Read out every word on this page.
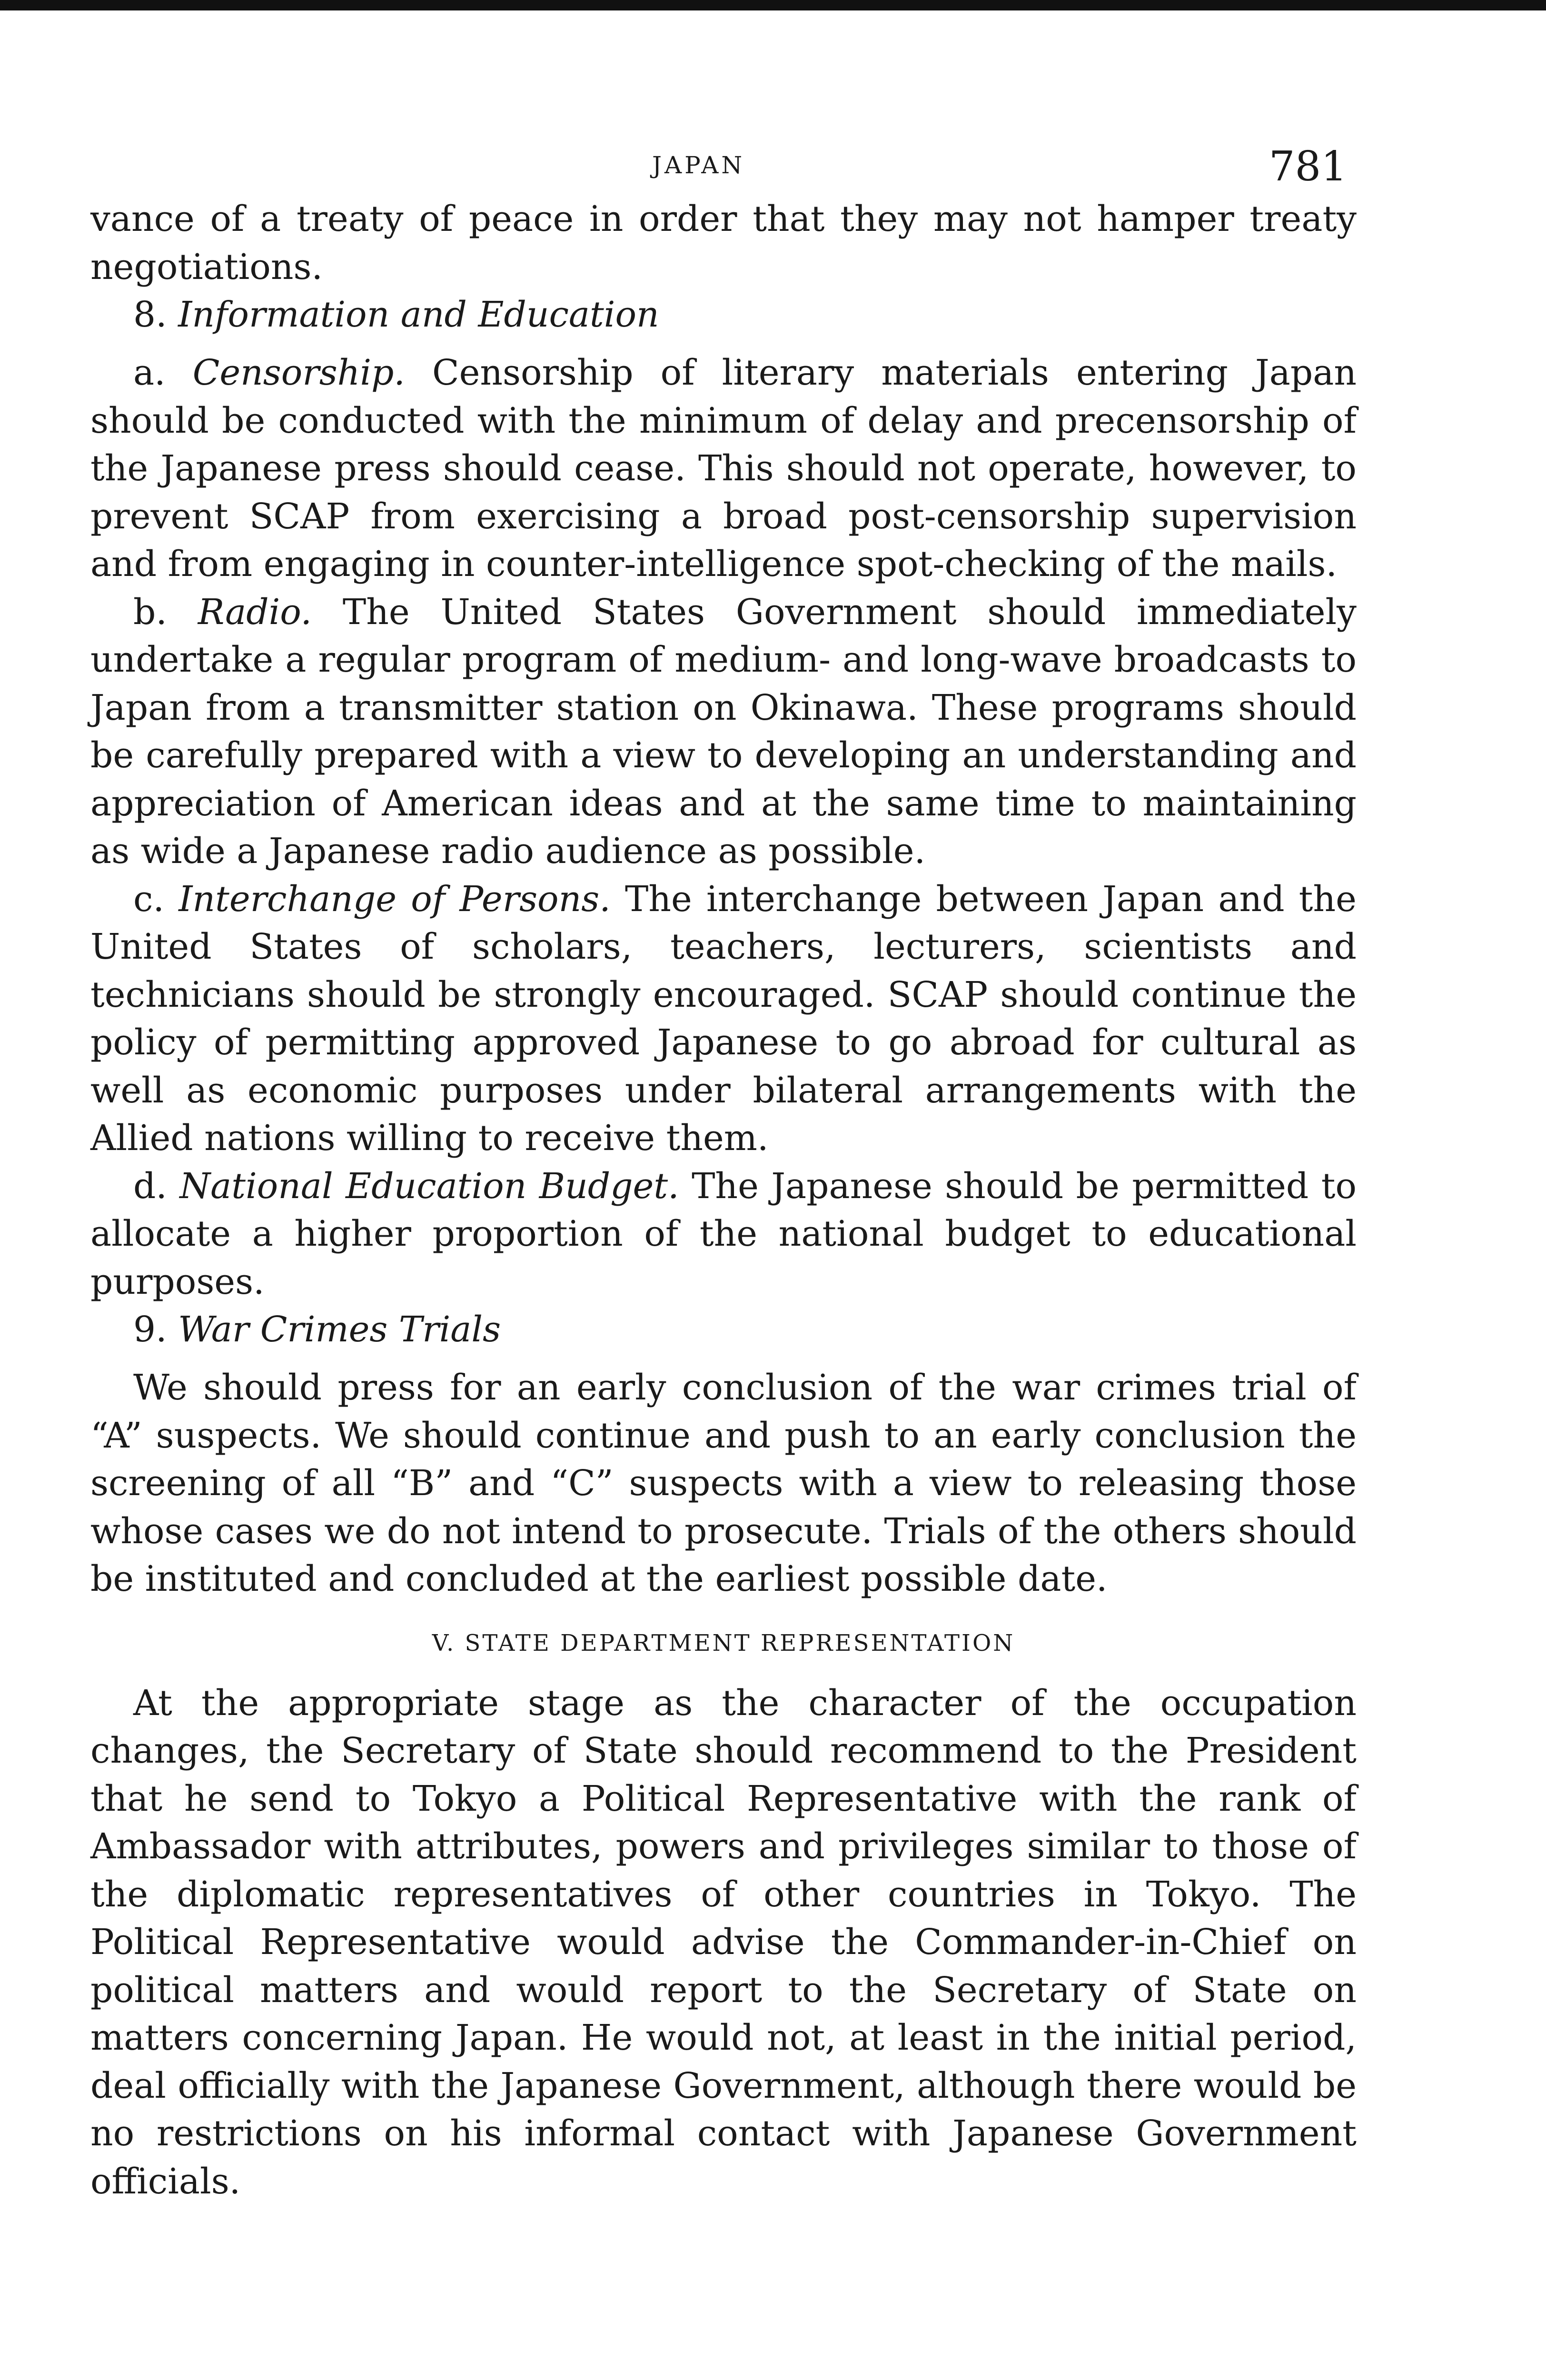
JAPAN	781

vance of a treaty of peace in order that they may not hamper treaty negotiations.

8. Information and Education

a. Censorship. Censorship of literary materials entering Japan should be conducted with the minimum of delay and precensorship of the Japanese press should cease. This should not operate, however, to prevent SCAP from exercising a broad post-censorship supervision and from engaging in counter-intelligence spot-checking of the mails.

b. Radio. The United States Government should immediately undertake a regular program of medium- and long-wave broadcasts to Japan from a transmitter station on Okinawa. These programs should be carefully prepared with a view to developing an understanding and appreciation of American ideas and at the same time to maintaining as wide a Japanese radio audience as possible.

c. Interchange of Persons. The interchange between Japan and the United States of scholars, teachers, lecturers, scientists and technicians should be strongly encouraged. SCAP should continue the policy of permitting approved Japanese to go abroad for cultural as well as economic purposes under bilateral arrangements with the Allied nations willing to receive them.

d. National Education Budget. The Japanese should be permitted to allocate a higher proportion of the national budget to educational purposes.

9. War Crimes Trials

We should press for an early conclusion of the war crimes trial of “A” suspects. We should continue and push to an early conclusion the screening of all “B” and “C” suspects with a view to releasing those whose cases we do not intend to prosecute. Trials of the others should be instituted and concluded at the earliest possible date.

V. STATE DEPARTMENT REPRESENTATION

At the appropriate stage as the character of the occupation changes, the Secretary of State should recommend to the President that he send to Tokyo a Political Representative with the rank of Ambassador with attributes, powers and privileges similar to those of the diplomatic representatives of other countries in Tokyo. The Political Representative would advise the Commander-in-Chief on political matters and would report to the Secretary of State on matters concerning Japan. He would not, at least in the initial period, deal officially with the Japanese Government, although there would be no restrictions on his informal contact with Japanese Government officials.
